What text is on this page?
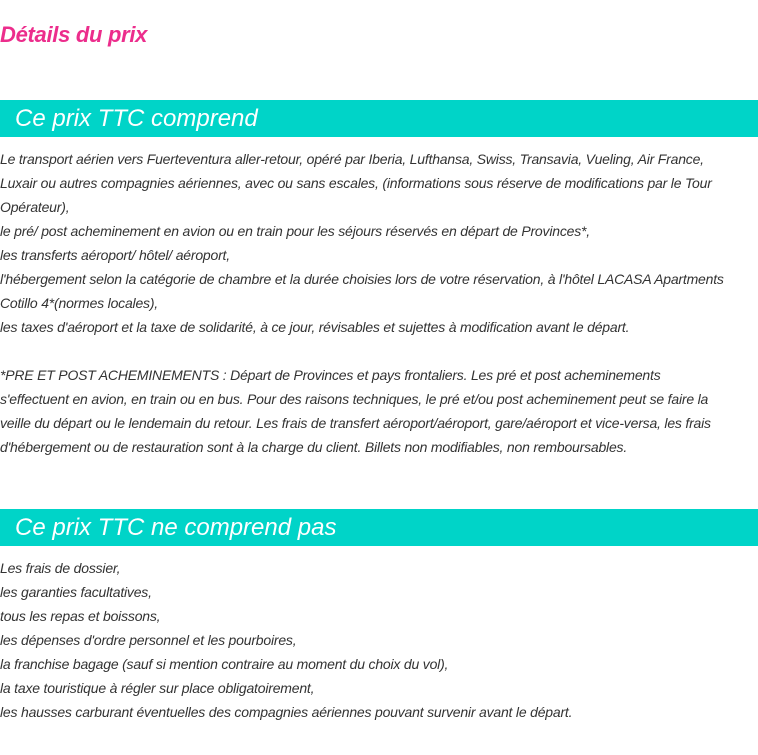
Détails du prix
Ce prix TTC comprend
Le transport aérien vers Fuerteventura aller-retour, opéré par Iberia, Lufthansa, Swiss, Transavia, Vueling, Air France,
Luxair ou autres compagnies aériennes, avec ou sans escales, (informations sous réserve de modifications par le Tour
Opérateur),
le pré/ post acheminement en avion ou en train pour les séjours réservés en départ de Provinces*,
les transferts aéroport/ hôtel/ aéroport,
l'hébergement selon la catégorie de chambre et la durée choisies lors de votre réservation, à l'hôtel LACASA Apartments
Cotillo 4*(normes locales),
les taxes d'aéroport et la taxe de solidarité, à ce jour, révisables et sujettes à modification avant le départ.
*PRE ET POST ACHEMINEMENTS : Départ de Provinces et pays frontaliers. Les pré et post acheminements
s'effectuent en avion, en train ou en bus. Pour des raisons techniques, le pré et/ou post acheminement peut se faire la
veille du départ ou le lendemain du retour. Les frais de transfert aéroport/aéroport, gare/aéroport et vice-versa, les frais
d'hébergement ou de restauration sont à la charge du client. Billets non modifiables, non remboursables.
Ce prix TTC ne comprend pas
Les frais de dossier,
les garanties facultatives,
tous les repas et boissons,
les dépenses d'ordre personnel et les pourboires,
la franchise bagage (sauf si mention contraire au moment du choix du vol),
la taxe touristique à régler sur place obligatoirement,
les hausses carburant éventuelles des compagnies aériennes pouvant survenir avant le départ.
